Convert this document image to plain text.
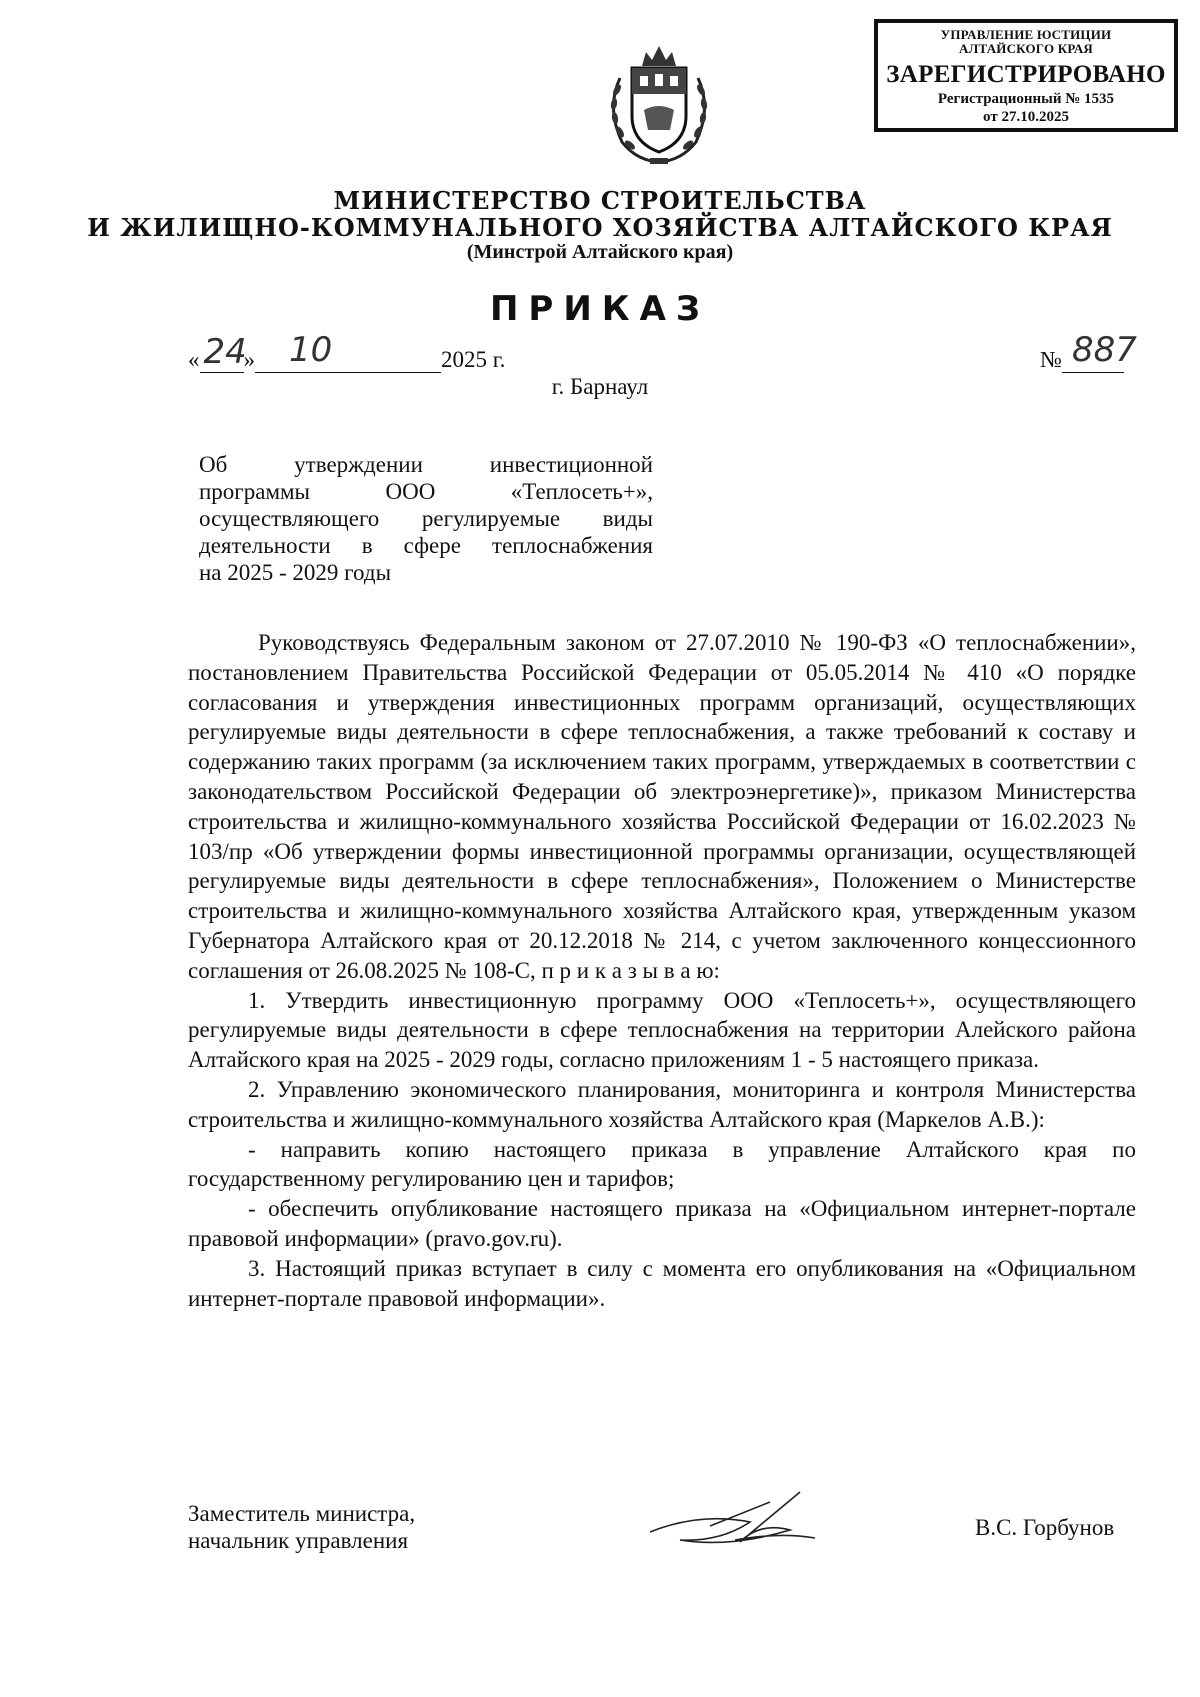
УПРАВЛЕНИЕ ЮСТИЦИИ
АЛТАЙСКОГО КРАЯ
ЗАРЕГИСТРИРОВАНО
Регистрационный № 1535
от 27.10.2025
МИНИСТЕРСТВО СТРОИТЕЛЬСТВА
И ЖИЛИЩНО-КОММУНАЛЬНОГО ХОЗЯЙСТВА АЛТАЙСКОГО КРАЯ
(Минстрой Алтайского края)
ПРИКАЗ
« 24
» 10	2025 г.	№ 887
г. Барнаул
Об утверждении инвестиционной
программы ООО «Теплосеть+»,
осуществляющего регулируемые виды
деятельности в сфере теплоснабжения
на 2025 - 2029 годы

Руководствуясь Федеральным законом от 27.07.2010 № 190-ФЗ «О теплоснабжении», постановлением Правительства Российской Федерации от 05.05.2014 № 410 «О порядке согласования и утверждения инвестиционных программ организаций, осуществляющих регулируемые виды деятельности в сфере теплоснабжения, а также требований к составу и содержанию таких программ (за исключением таких программ, утверждаемых в соответствии с законодательством Российской Федерации об электроэнергетике)», приказом Министерства строительства и жилищно-коммунального хозяйства Российской Федерации от 16.02.2023 № 103/пр «Об утверждении формы инвестиционной программы организации, осуществляющей регулируемые виды деятельности в сфере теплоснабжения», Положением о Министерстве строительства и жилищно-коммунального хозяйства Алтайского края, утвержденным указом Губернатора Алтайского края от 20.12.2018 № 214, с учетом заключенного концессионного соглашения от 26.08.2025 № 108-С, п р и к а з ы в а ю:

1. Утвердить инвестиционную программу ООО «Теплосеть+», осуществляющего регулируемые виды деятельности в сфере теплоснабжения на территории Алейского района Алтайского края на 2025 - 2029 годы, согласно приложениям 1 - 5 настоящего приказа.

2. Управлению экономического планирования, мониторинга и контроля Министерства строительства и жилищно-коммунального хозяйства Алтайского края (Маркелов А.В.):

- направить копию настоящего приказа в управление Алтайского края по государственному регулированию цен и тарифов;

- обеспечить опубликование настоящего приказа на «Официальном интернет-портале правовой информации» (pravo.gov.ru).

3. Настоящий приказ вступает в силу с момента его опубликования на «Официальном интернет-портале правовой информации».

Заместитель министра,
начальник управления
В.С. Горбунов
